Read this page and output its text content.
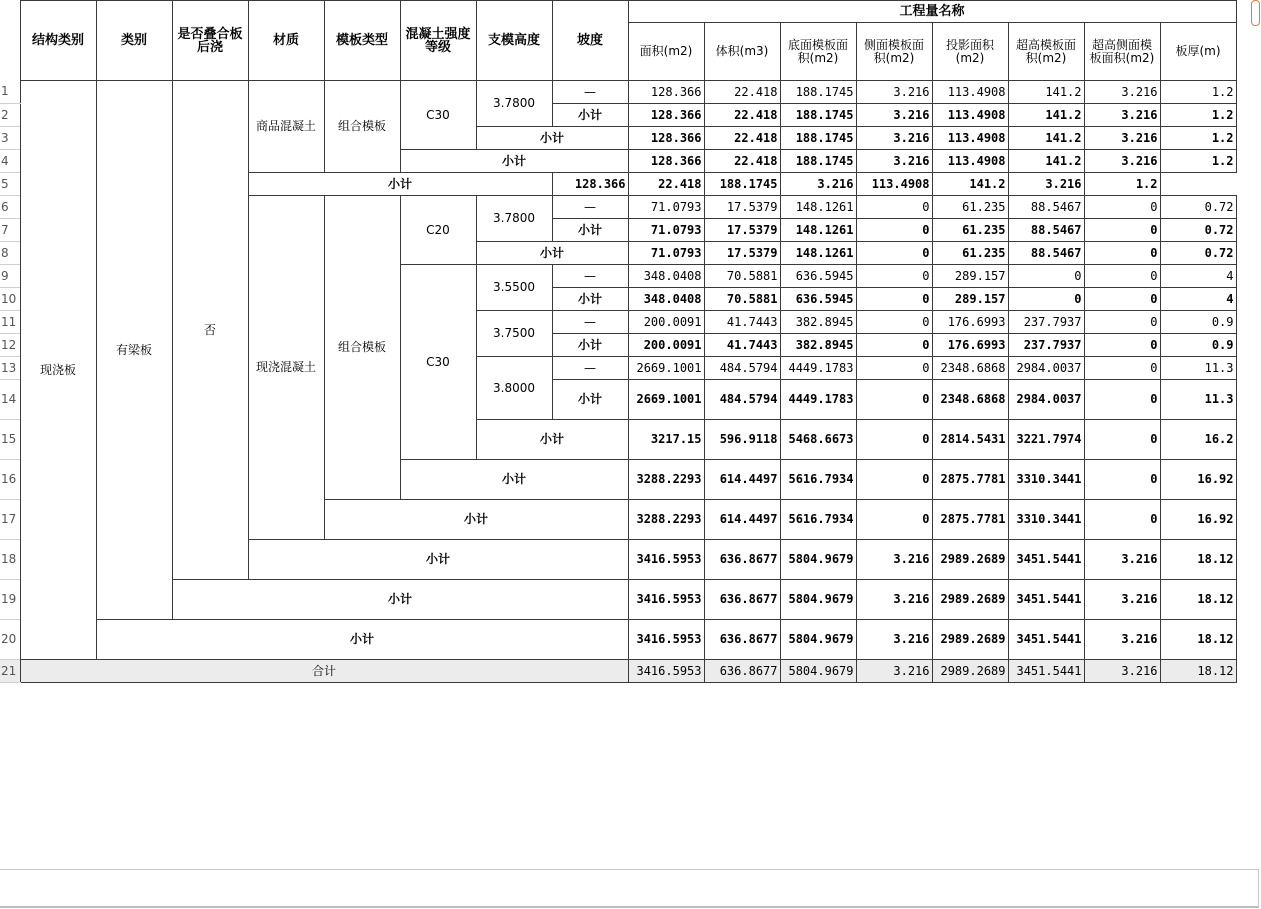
	结构类别	类别	是否叠合板后浇	材质	模板类型	混凝土强度等级	支模高度	坡度	工程量名称							
									面积(m2)	体积(m3)	底面模板面积(m2)	侧面模板面积(m2)	投影面积(m2)	超高模板面积(m2)	超高侧面模板面积(m2)	板厚(m)
1	现浇板	有梁板	否	商品混凝土	组合模板	C30	3.7800	—	128.366	22.418	188.1745	3.216	113.4908	141.2	3.216	1.2
2								小计	128.366	22.418	188.1745	3.216	113.4908	141.2	3.216	1.2
3							小计		128.366	22.418	188.1745	3.216	113.4908	141.2	3.216	1.2
4						小计			128.366	22.418	188.1745	3.216	113.4908	141.2	3.216	1.2
5				小计				128.366	22.418	188.1745	3.216	113.4908	141.2	3.216	1.2	
6				现浇混凝土	组合模板	C20	3.7800	—	71.0793	17.5379	148.1261	0	61.235	88.5467	0	0.72
7								小计	71.0793	17.5379	148.1261	0	61.235	88.5467	0	0.72
8							小计		71.0793	17.5379	148.1261	0	61.235	88.5467	0	0.72
9						C30	3.5500	—	348.0408	70.5881	636.5945	0	289.157	0	0	4
10								小计	348.0408	70.5881	636.5945	0	289.157	0	0	4
11							3.7500	—	200.0091	41.7443	382.8945	0	176.6993	237.7937	0	0.9
12								小计	200.0091	41.7443	382.8945	0	176.6993	237.7937	0	0.9
13							3.8000	—	2669.1001	484.5794	4449.1783	0	2348.6868	2984.0037	0	11.3
14								小计	2669.1001	484.5794	4449.1783	0	2348.6868	2984.0037	0	11.3
15							小计		3217.15	596.9118	5468.6673	0	2814.5431	3221.7974	0	16.2
16						小计			3288.2293	614.4497	5616.7934	0	2875.7781	3310.3441	0	16.92
17					小计				3288.2293	614.4497	5616.7934	0	2875.7781	3310.3441	0	16.92
18				小计					3416.5953	636.8677	5804.9679	3.216	2989.2689	3451.5441	3.216	18.12
19			小计						3416.5953	636.8677	5804.9679	3.216	2989.2689	3451.5441	3.216	18.12
20		小计							3416.5953	636.8677	5804.9679	3.216	2989.2689	3451.5441	3.216	18.12
21	合计								3416.5953	636.8677	5804.9679	3.216	2989.2689	3451.5441	3.216	18.12
